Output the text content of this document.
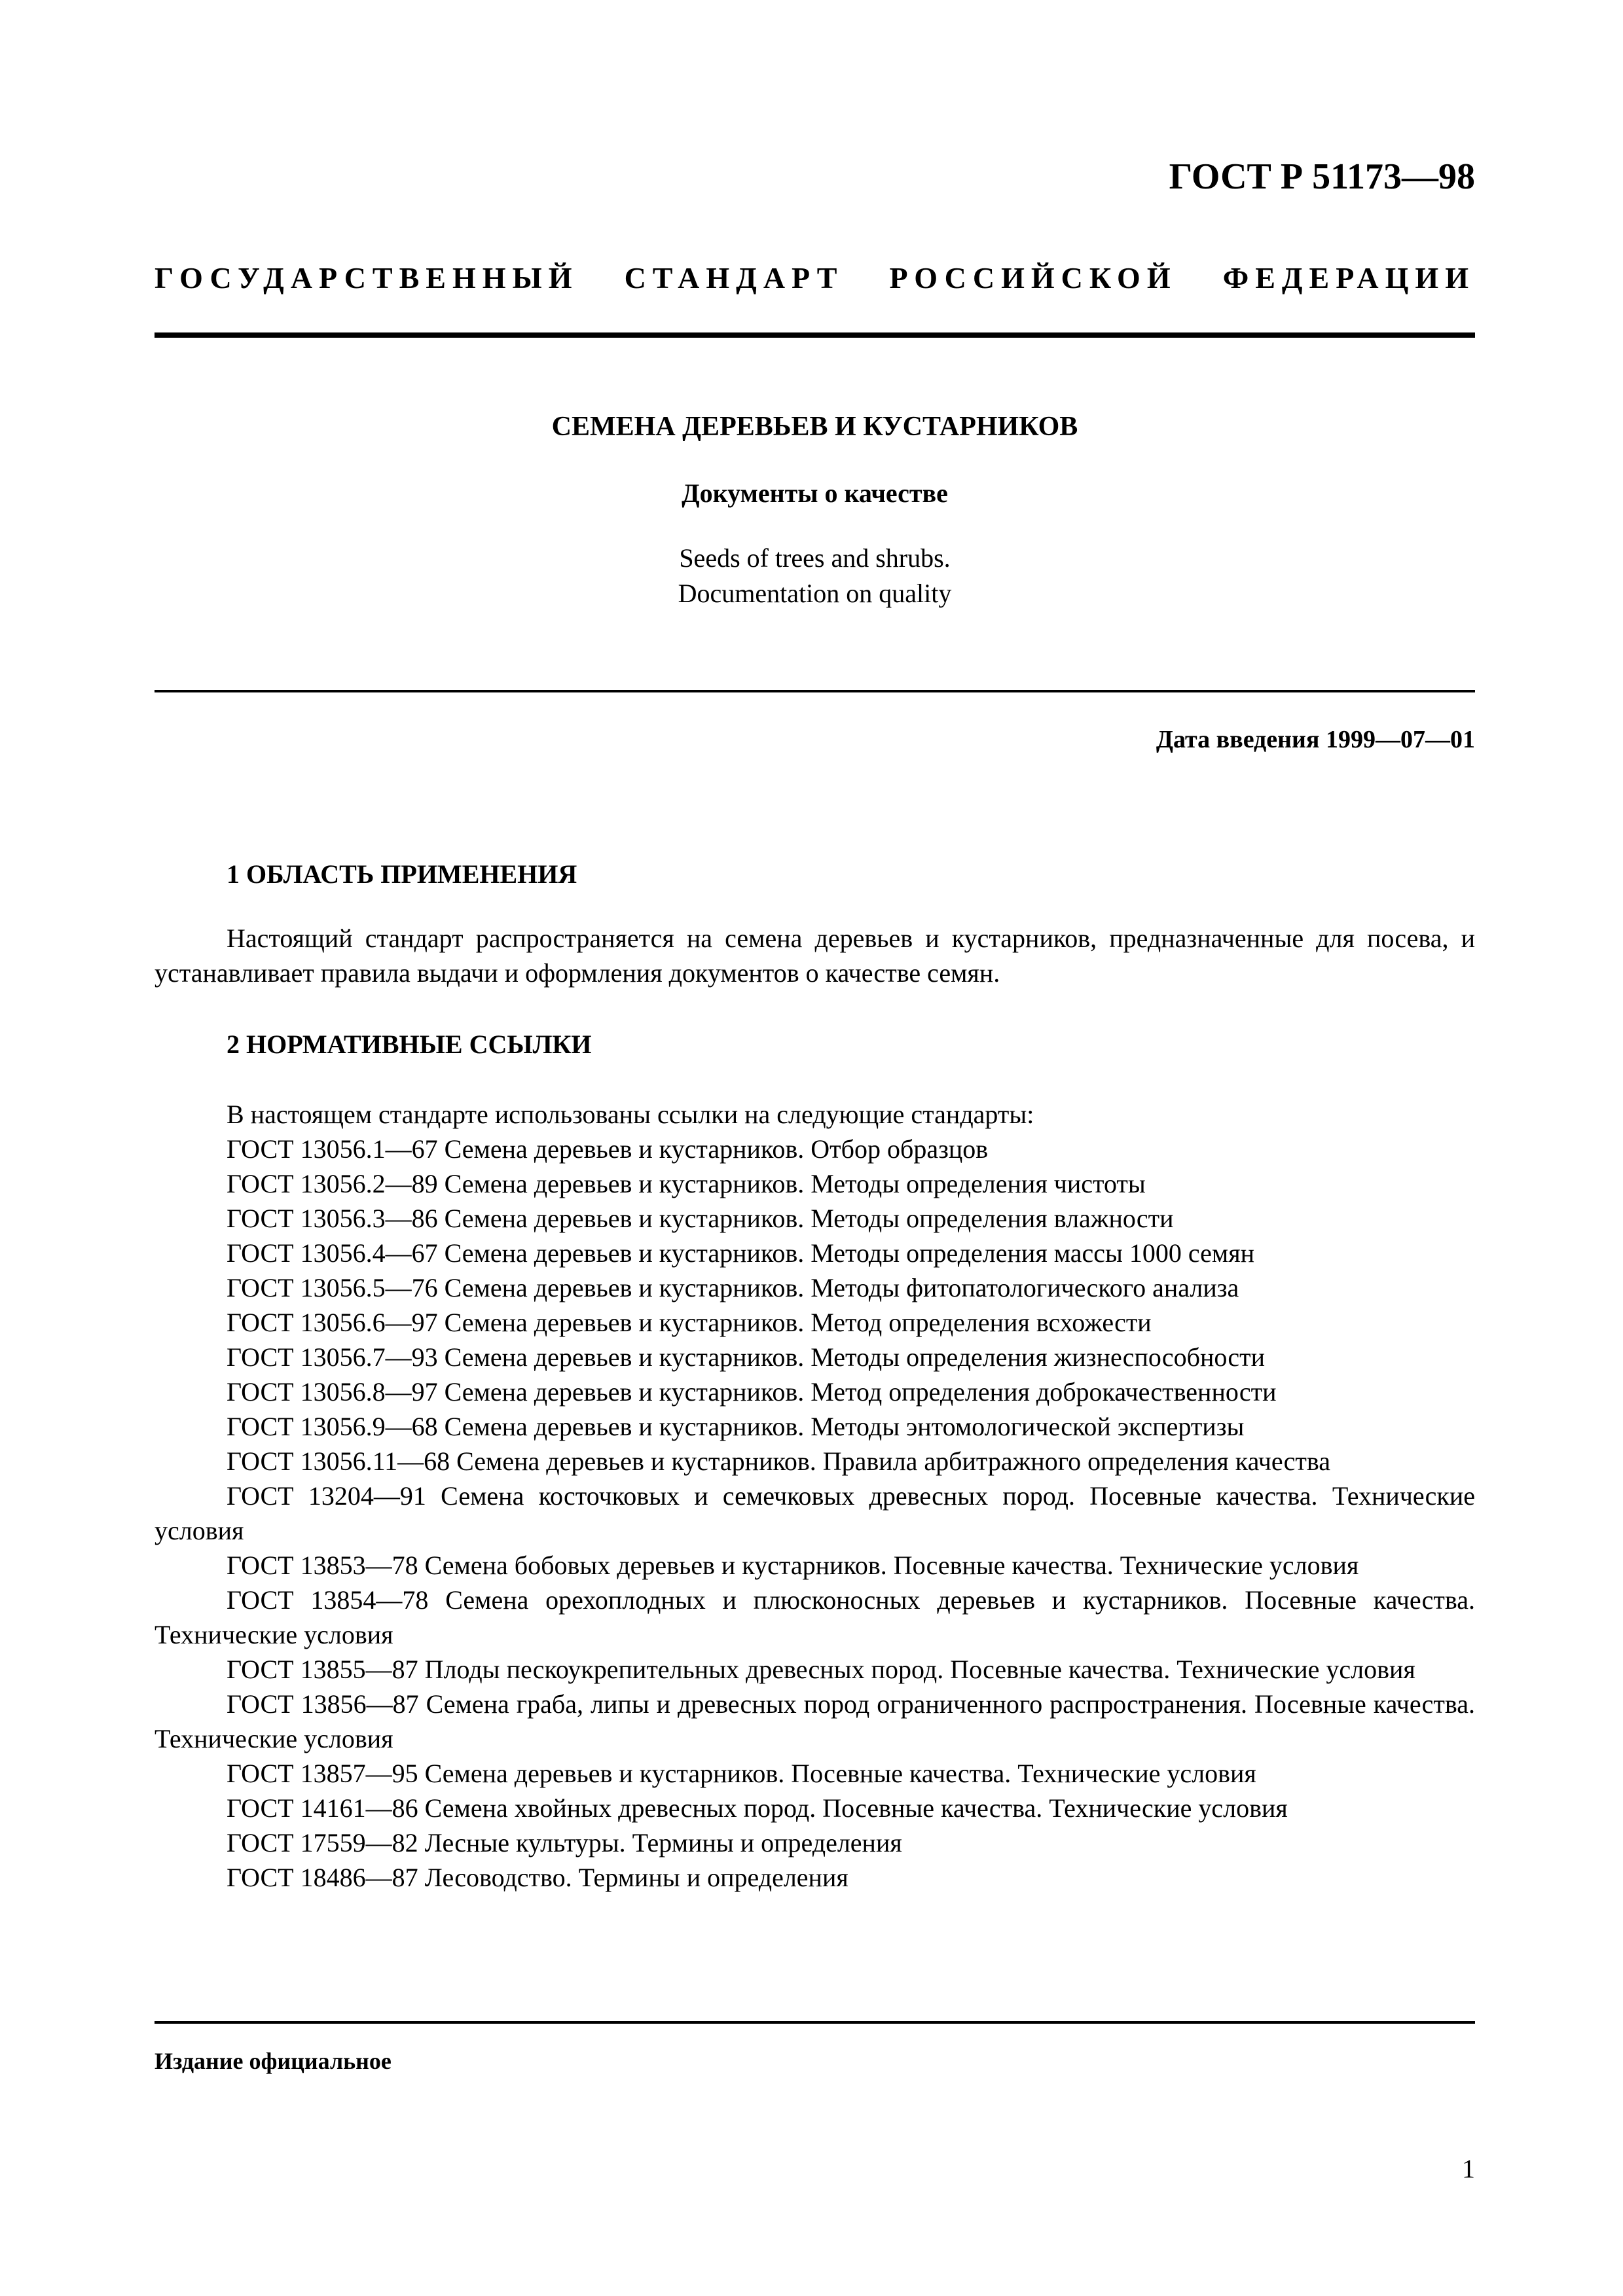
ГОСТ Р 51173—98
ГОСУДАРСТВЕННЫЙ СТАНДАРТ РОССИЙСКОЙ ФЕДЕРАЦИИ
СЕМЕНА ДЕРЕВЬЕВ И КУСТАРНИКОВ
Документы о качестве
Seeds of trees and shrubs.
Documentation on quality
Дата введения 1999—07—01
1 ОБЛАСТЬ ПРИМЕНЕНИЯ
Настоящий стандарт распространяется на семена деревьев и кустарников, предназначенные для посева, и устанавливает правила выдачи и оформления документов о качестве семян.
2 НОРМАТИВНЫЕ ССЫЛКИ
В настоящем стандарте использованы ссылки на следующие стандарты:
ГОСТ 13056.1—67 Семена деревьев и кустарников. Отбор образцов
ГОСТ 13056.2—89 Семена деревьев и кустарников. Методы определения чистоты
ГОСТ 13056.3—86 Семена деревьев и кустарников. Методы определения влажности
ГОСТ 13056.4—67 Семена деревьев и кустарников. Методы определения массы 1000 семян
ГОСТ 13056.5—76 Семена деревьев и кустарников. Методы фитопатологического анализа
ГОСТ 13056.6—97 Семена деревьев и кустарников. Метод определения всхожести
ГОСТ 13056.7—93 Семена деревьев и кустарников. Методы определения жизнеспособности
ГОСТ 13056.8—97 Семена деревьев и кустарников. Метод определения доброкачественности
ГОСТ 13056.9—68 Семена деревьев и кустарников. Методы энтомологической экспертизы
ГОСТ 13056.11—68 Семена деревьев и кустарников. Правила арбитражного определения качества
ГОСТ 13204—91 Семена косточковых и семечковых древесных пород. Посевные качества. Технические условия
ГОСТ 13853—78 Семена бобовых деревьев и кустарников. Посевные качества. Технические условия
ГОСТ 13854—78 Семена орехоплодных и плюсконосных деревьев и кустарников. Посевные качества. Технические условия
ГОСТ 13855—87 Плоды пескоукрепительных древесных пород. Посевные качества. Технические условия
ГОСТ 13856—87 Семена граба, липы и древесных пород ограниченного распространения. Посевные качества. Технические условия
ГОСТ 13857—95 Семена деревьев и кустарников. Посевные качества. Технические условия
ГОСТ 14161—86 Семена хвойных древесных пород. Посевные качества. Технические условия
ГОСТ 17559—82 Лесные культуры. Термины и определения
ГОСТ 18486—87 Лесоводство. Термины и определения
Издание официальное
1
